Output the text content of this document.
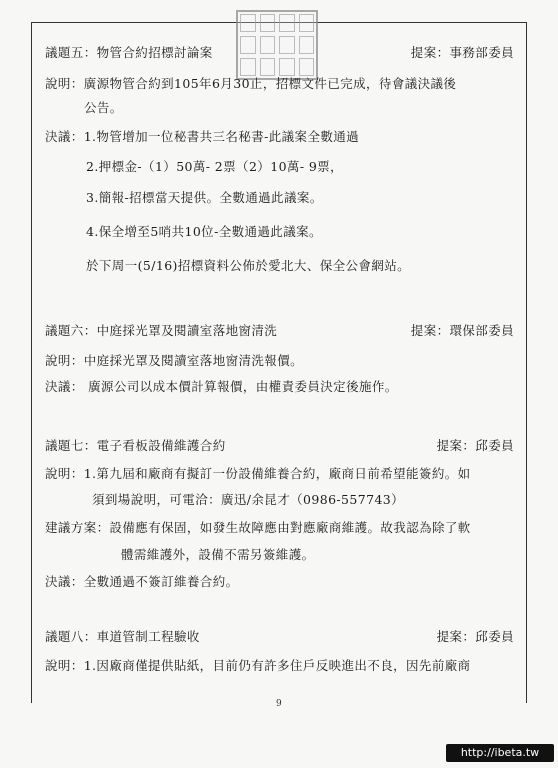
議題五：物管合約招標討論案	提案：事務部委員
說明：廣源物管合約到105年6月30止，招標文件已完成，待會議決議後
公告。
決議：1.物管增加一位秘書共三名秘書-此議案全數通過
2.押標金-（1）50萬- 2票（2）10萬- 9票，
3.簡報-招標當天提供。全數通過此議案。
4.保全增至5哨共10位-全數通過此議案。
於下周一(5/16)招標資料公佈於愛北大、保全公會網站。
議題六：中庭採光罩及閱讀室落地窗清洗	提案：環保部委員
說明：中庭採光罩及閱讀室落地窗清洗報價。
決議： 廣源公司以成本價計算報價，由權責委員決定後施作。
議題七：電子看板設備維護合約	提案：邱委員
說明：1.第九屆和廠商有擬訂一份設備維養合約，廠商日前希望能簽約。如
須到場說明，可電洽：廣迅/余昆才（0986-557743）
建議方案：設備應有保固，如發生故障應由對應廠商維護。故我認為除了軟
體需維護外，設備不需另簽維護。
決議：全數通過不簽訂維養合約。
議題八：車道管制工程驗收	提案：邱委員
說明：1.因廠商僅提供貼紙，目前仍有許多住戶反映進出不良，因先前廠商
9
http://ibeta.tw
